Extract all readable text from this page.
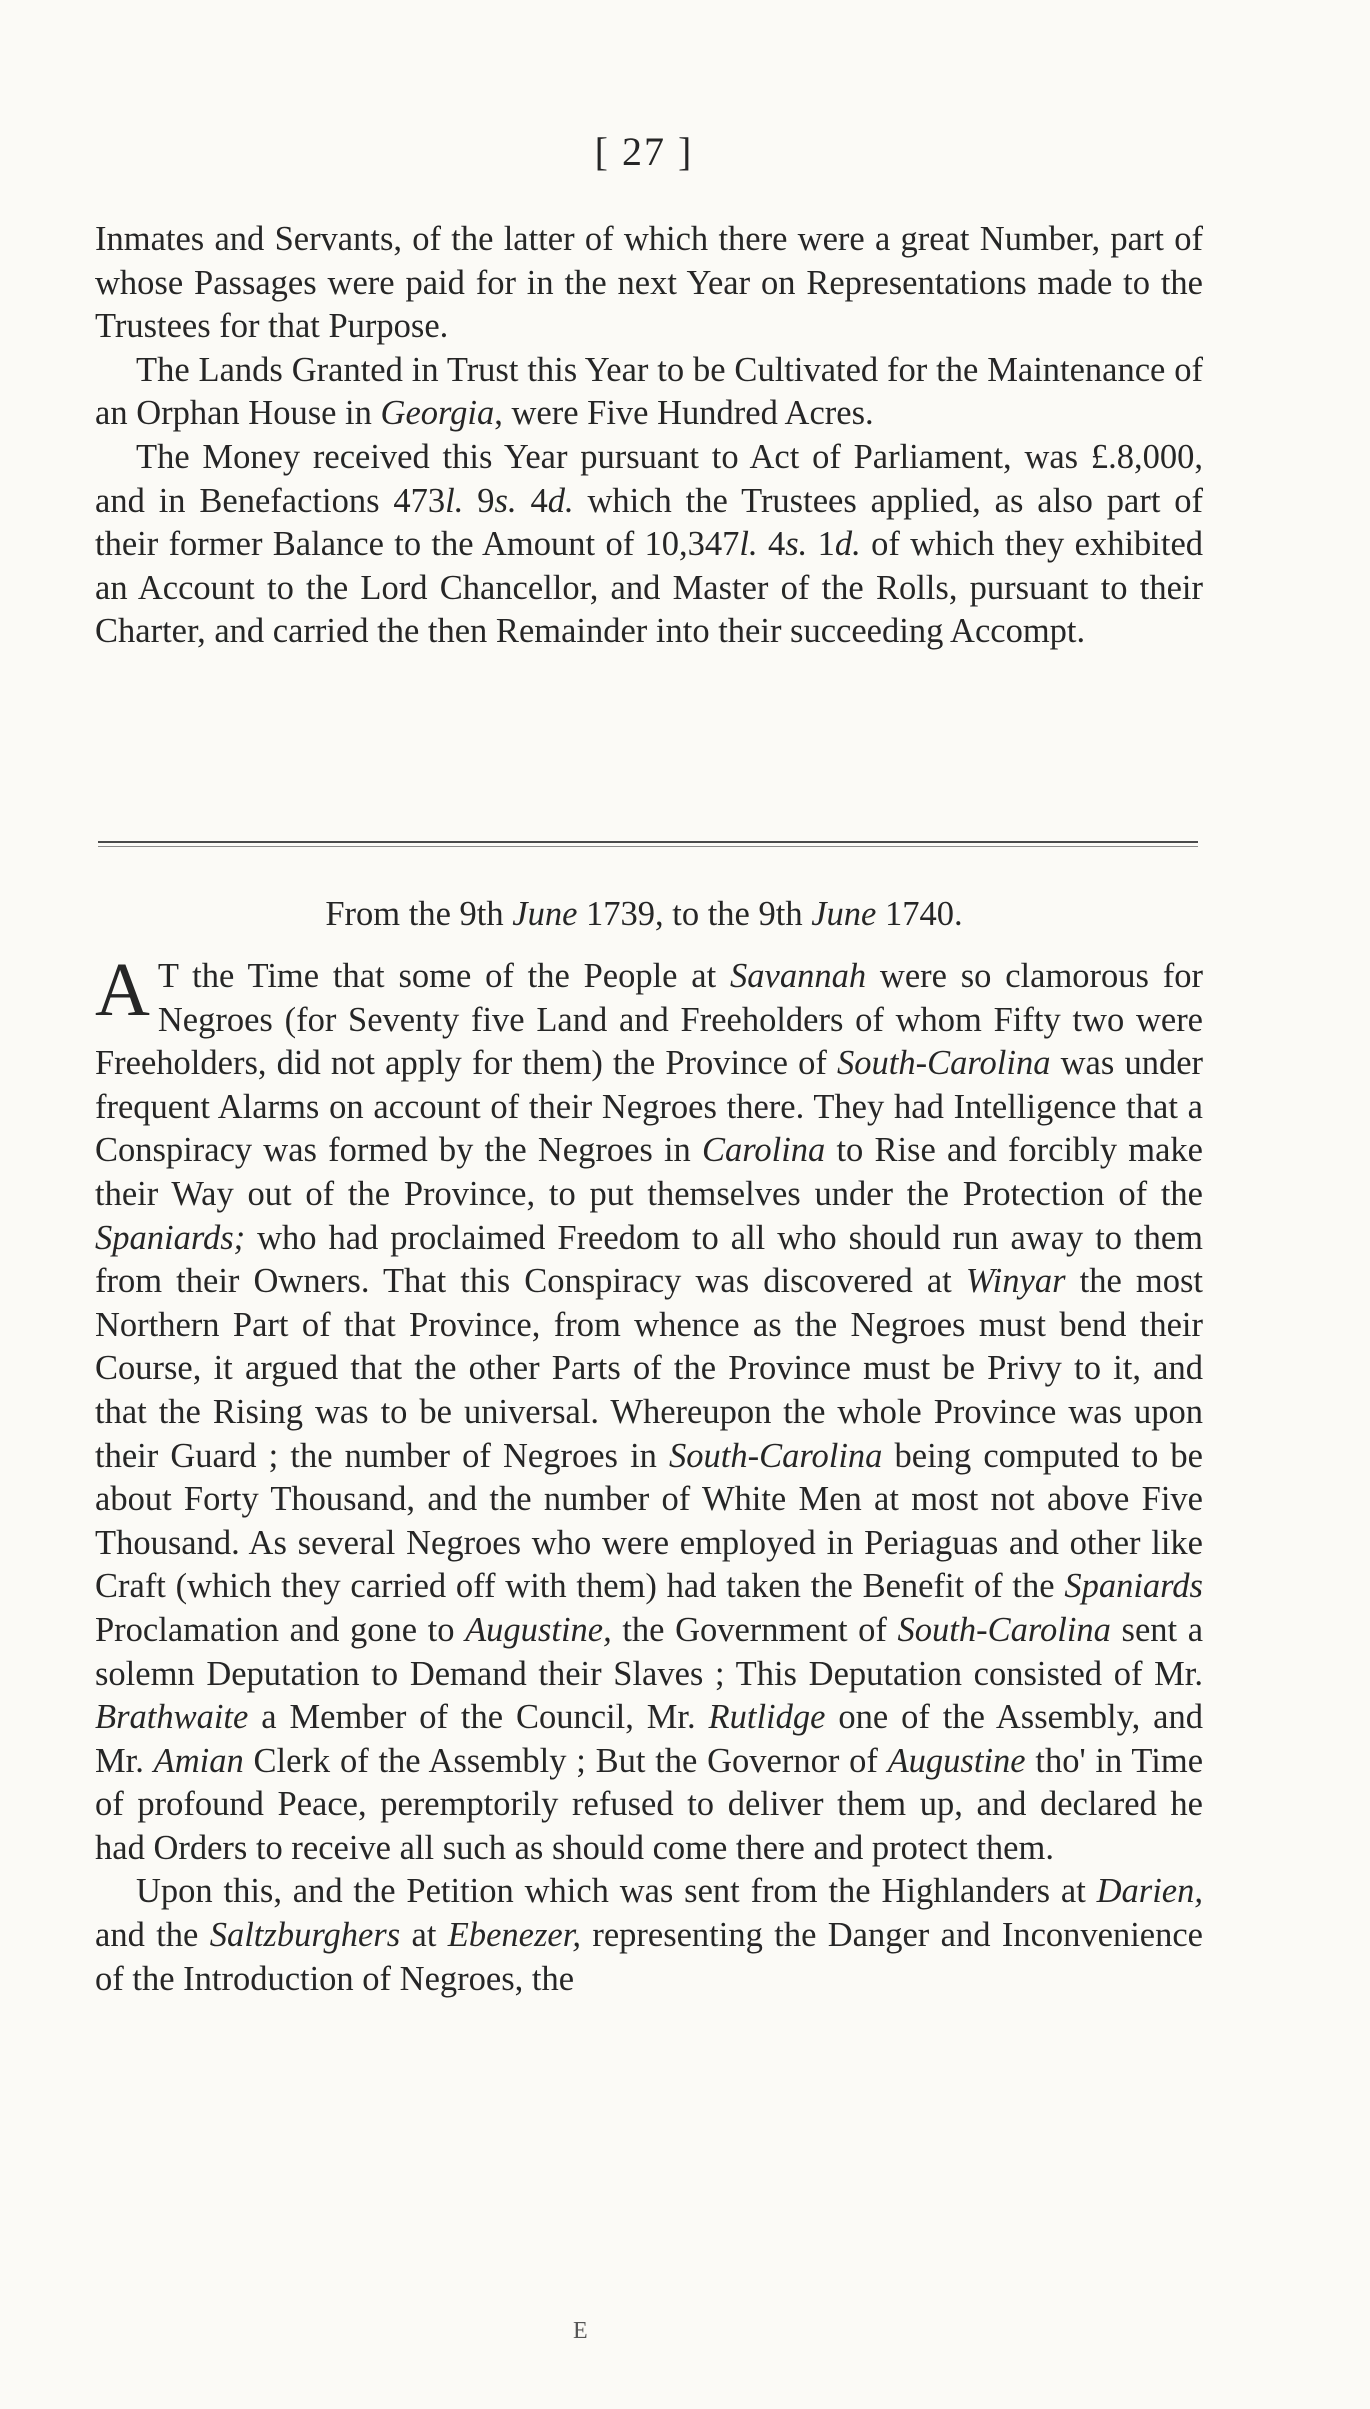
[ 27 ]

Inmates and Servants, of the latter of which there were a great Number, part of whose Passages were paid for in the next Year on Representations made to the Trustees for that Purpose.

The Lands Granted in Trust this Year to be Cultivated for the Maintenance of an Orphan House in Georgia, were Five Hundred Acres.

The Money received this Year pursuant to Act of Parliament, was £.8,000, and in Benefactions 473l. 9s. 4d. which the Trustees applied, as also part of their former Balance to the Amount of 10,347l. 4s. 1d. of which they exhibited an Account to the Lord Chancellor, and Master of the Rolls, pursuant to their Charter, and carried the then Remainder into their succeeding Accompt.

From the 9th June 1739, to the 9th June 1740.

A T the Time that some of the People at Savannah were so clamorous for Negroes (for Seventy five Land and Freeholders of whom Fifty two were Freeholders, did not apply for them) the Province of South-Carolina was under frequent Alarms on account of their Negroes there. They had Intelligence that a Conspiracy was formed by the Negroes in Carolina to Rise and forcibly make their Way out of the Province, to put themselves under the Protection of the Spaniards; who had proclaimed Freedom to all who should run away to them from their Owners. That this Conspiracy was discovered at Winyar the most Northern Part of that Province, from whence as the Negroes must bend their Course, it argued that the other Parts of the Province must be Privy to it, and that the Rising was to be universal. Whereupon the whole Province was upon their Guard ; the number of Negroes in South-Carolina being computed to be about Forty Thousand, and the number of White Men at most not above Five Thousand. As several Negroes who were employed in Periaguas and other like Craft (which they carried off with them) had taken the Benefit of the Spaniards Proclamation and gone to Augustine, the Government of South-Carolina sent a solemn Deputation to Demand their Slaves ; This Deputation consisted of Mr. Brathwaite a Member of the Council, Mr. Rutlidge one of the Assembly, and Mr. Amian Clerk of the Assembly ; But the Governor of Augustine tho' in Time of profound Peace, peremptorily refused to deliver them up, and declared he had Orders to receive all such as should come there and protect them.

Upon this, and the Petition which was sent from the Highlanders at Darien, and the Saltzburghers at Ebenezer, representing the Danger and Inconvenience of the Introduction of Negroes, the

E
